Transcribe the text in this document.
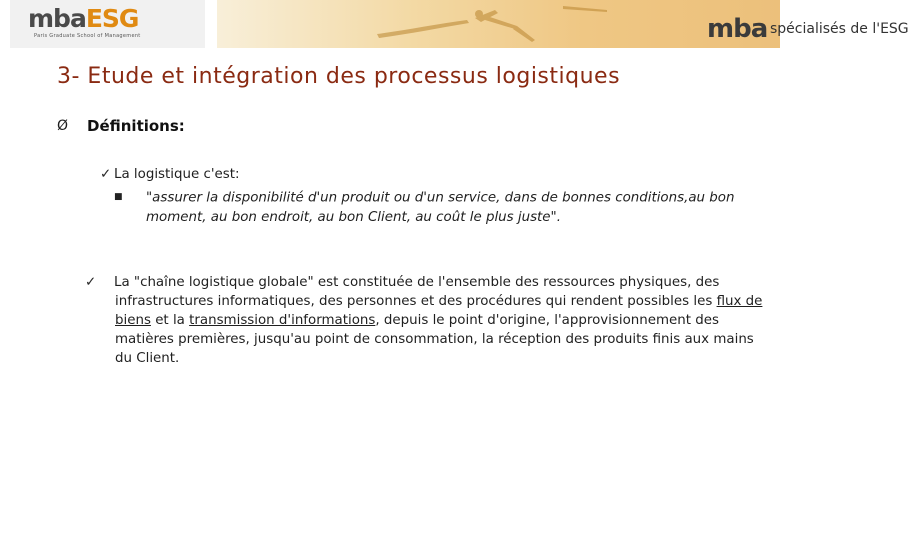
mbaESG
Paris Graduate School of Management	mba spécialisés de l'ESG
3- Etude et intégration des processus logistiques
Ø	Définitions:
✓ La logistique c'est:
■ "assurer la disponibilité d'un produit ou d'un service, dans de bonnes conditions,au bon moment, au bon endroit, au bon Client, au coût le plus juste".
✓ La "chaîne logistique globale" est constituée de l'ensemble des ressources physiques, des infrastructures informatiques, des personnes et des procédures qui rendent possibles les flux de biens et la transmission d'informations, depuis le point d'origine, l'approvisionnement des matières premières, jusqu'au point de consommation, la réception des produits finis aux mains du Client.
